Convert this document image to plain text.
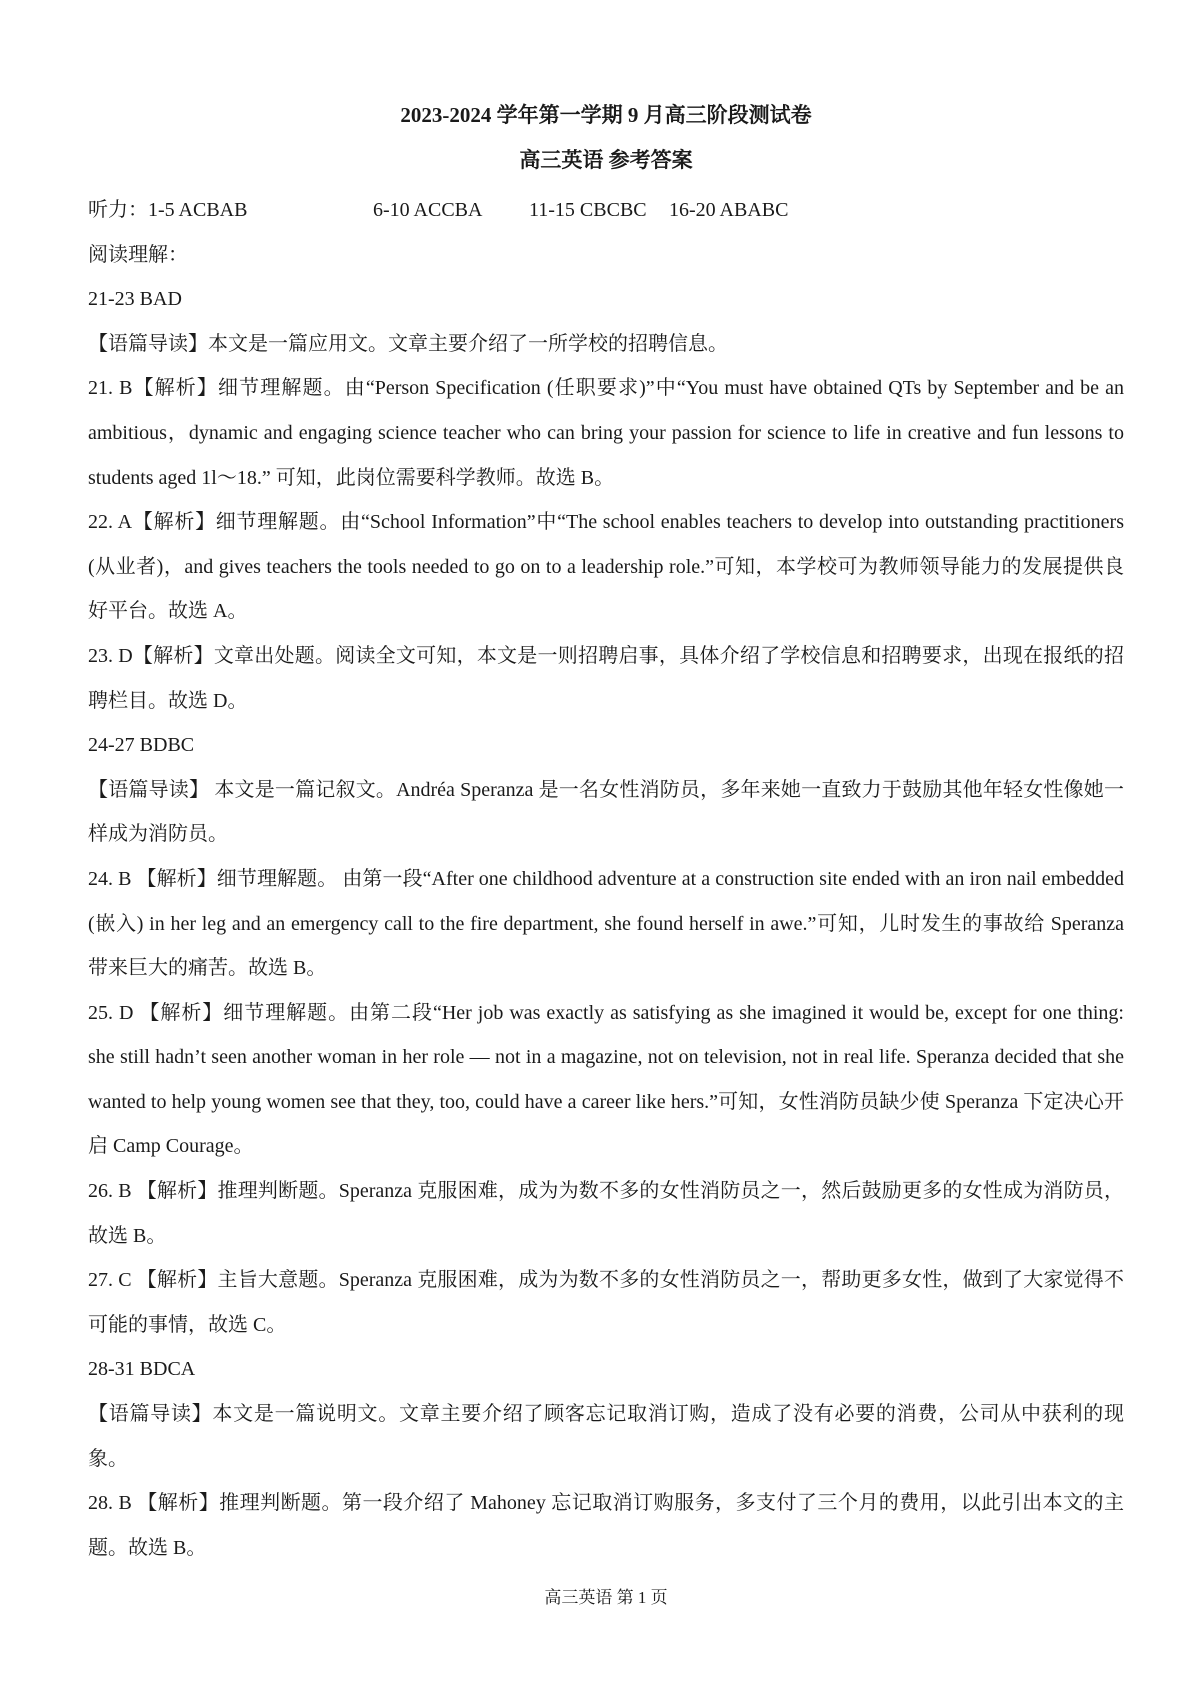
2023-2024 学年第一学期 9 月高三阶段测试卷
高三英语 参考答案

听力： 1-5 ACBAB	6-10 ACCBA	11-15 CBCBC	16-20 ABABC

阅读理解：

21-23 BAD

【语篇导读】本文是一篇应用文。文章主要介绍了一所学校的招聘信息。

21. B【解析】细节理解题。由“Person Specification (任职要求)”中“You must have obtained QTs by September and be an ambitious，dynamic and engaging science teacher who can bring your passion for science to life in creative and fun lessons to students aged 1l～18.” 可知，此岗位需要科学教师。故选 B。

22. A【解析】细节理解题。由“School Information”中“The school enables teachers to develop into outstanding practitioners (从业者)，and gives teachers the tools needed to go on to a leadership role.”可知，本学校可为教师领导能力的发展提供良好平台。故选 A。

23. D【解析】文章出处题。阅读全文可知，本文是一则招聘启事，具体介绍了学校信息和招聘要求，出现在报纸的招聘栏目。故选 D。

24-27 BDBC

【语篇导读】 本文是一篇记叙文。Andréa Speranza 是一名女性消防员，多年来她一直致力于鼓励其他年轻女性像她一样成为消防员。

24. B 【解析】细节理解题。 由第一段“After one childhood adventure at a construction site ended with an iron nail embedded (嵌入) in her leg and an emergency call to the fire department, she found herself in awe.”可知，儿时发生的事故给 Speranza 带来巨大的痛苦。故选 B。

25. D 【解析】细节理解题。由第二段“Her job was exactly as satisfying as she imagined it would be, except for one thing: she still hadn’t seen another woman in her role — not in a magazine, not on television, not in real life. Speranza decided that she wanted to help young women see that they, too, could have a career like hers.”可知，女性消防员缺少使 Speranza 下定决心开启 Camp Courage。

26. B 【解析】推理判断题。Speranza 克服困难，成为为数不多的女性消防员之一，然后鼓励更多的女性成为消防员，故选 B。

27. C 【解析】主旨大意题。Speranza 克服困难，成为为数不多的女性消防员之一，帮助更多女性，做到了大家觉得不可能的事情，故选 C。

28-31 BDCA

【语篇导读】本文是一篇说明文。文章主要介绍了顾客忘记取消订购，造成了没有必要的消费，公司从中获利的现象。

28. B 【解析】推理判断题。第一段介绍了 Mahoney 忘记取消订购服务，多支付了三个月的费用，以此引出本文的主题。故选 B。

高三英语 第 1 页
